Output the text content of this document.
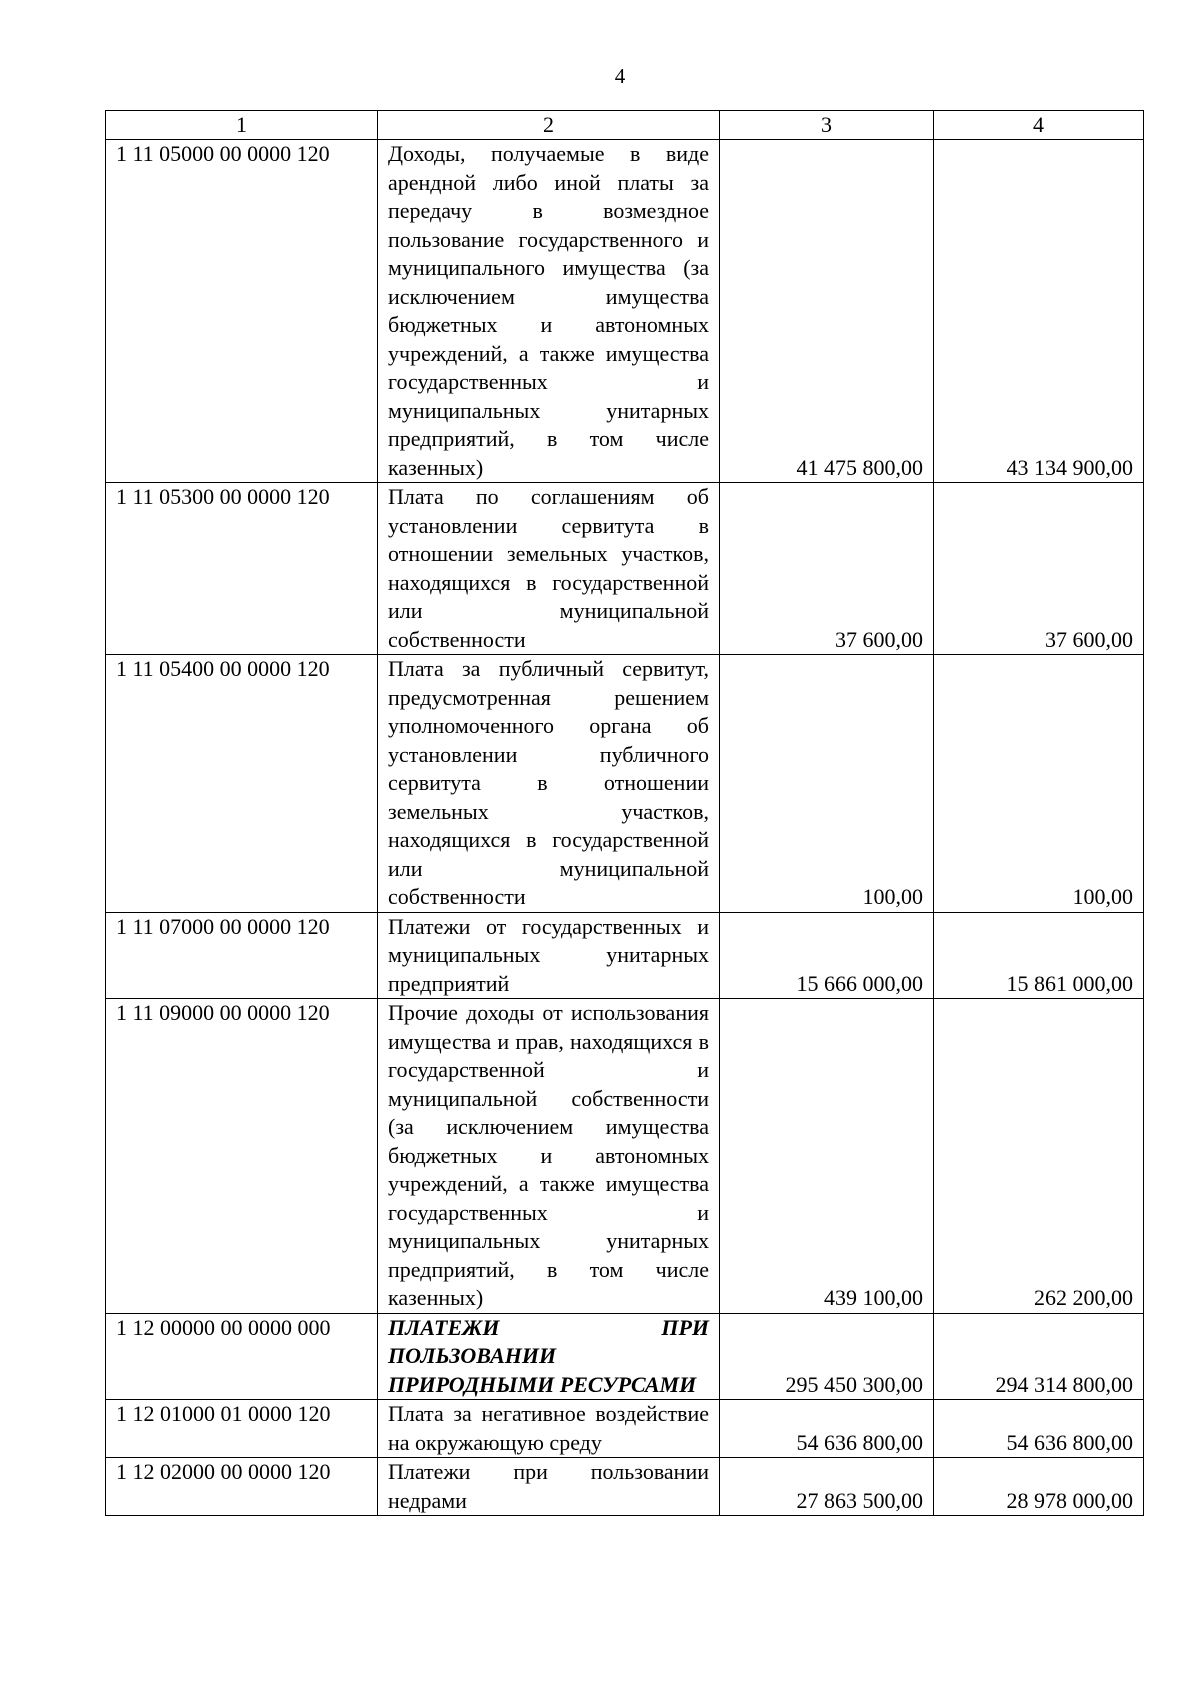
4
1	2	3	4
1 11 05000 00 0000 120	Доходы, получаемые в виде арендной либо иной платы за передачу в возмездное пользование государственного и муниципального имущества (за исключением имущества бюджетных и автономных учреждений, а также имущества государственных и муниципальных унитарных предприятий, в том числе казенных)	41 475 800,00	43 134 900,00
1 11 05300 00 0000 120	Плата по соглашениям об установлении сервитута в отношении земельных участков, находящихся в государственной или муниципальной собственности	37 600,00	37 600,00
1 11 05400 00 0000 120	Плата за публичный сервитут, предусмотренная решением уполномоченного органа об установлении публичного сервитута в отношении земельных участков, находящихся в государственной или муниципальной собственности	100,00	100,00
1 11 07000 00 0000 120	Платежи от государственных и муниципальных унитарных предприятий	15 666 000,00	15 861 000,00
1 11 09000 00 0000 120	Прочие доходы от использования имущества и прав, находящихся в государственной и муниципальной собственности (за исключением имущества бюджетных и автономных учреждений, а также имущества государственных и муниципальных унитарных предприятий, в том числе казенных)	439 100,00	262 200,00
1 12 00000 00 0000 000	ПЛАТЕЖИ ПРИ ПОЛЬЗОВАНИИ ПРИРОДНЫМИ РЕСУРСАМИ	295 450 300,00	294 314 800,00
1 12 01000 01 0000 120	Плата за негативное воздействие на окружающую среду	54 636 800,00	54 636 800,00
1 12 02000 00 0000 120	Платежи при пользовании недрами	27 863 500,00	28 978 000,00
